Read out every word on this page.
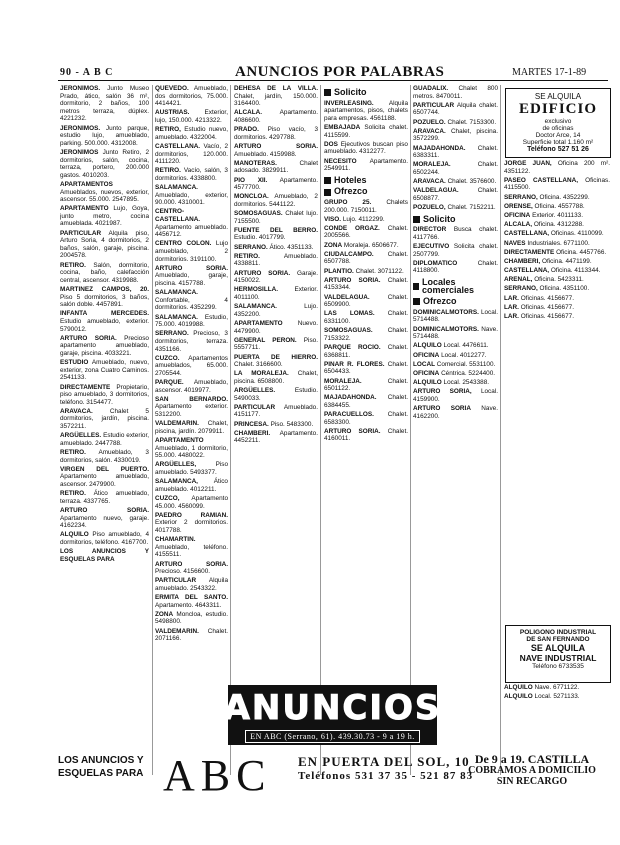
90 - A B C	ANUNCIOS POR PALABRAS	MARTES 17-1-89

JERONIMOS. Junto Museo Prado, ático, salón 36 m², dormitorio, 2 baños, 100 metros terraza, dúplex. 4221232.

JERONIMOS. Junto parque, estudio lujo, amueblado, parking. 500.000. 4312008.

JERONIMOS Junto Retiro, 2 dormitorios, salón, cocina, terraza, portero, 200.000 gastos. 4010203.

APARTAMENTOS Amueblados, nuevos, exterior, ascensor. 55.000. 2547895.

APARTAMENTO Lujo, Goya, junto metro, cocina amueblada. 4021987.

PARTICULAR Alquila piso, Arturo Soria, 4 dormitorios, 2 baños, salón, garaje, piscina. 2004578.

RETIRO. Salón, dormitorio, cocina, baño, calefacción central, ascensor. 4319988.

MARTINEZ CAMPOS, 20. Piso 5 dormitorios, 3 baños, salón doble. 4457891.

INFANTA MERCEDES. Estudio amueblado, exterior. 5790012.

ARTURO SORIA. Precioso apartamento amueblado, garaje, piscina. 4033221.

ESTUDIO Amueblado, nuevo, exterior, zona Cuatro Caminos. 2541133.

DIRECTAMENTE Propietario, piso amueblado, 3 dormitorios, teléfono. 3154477.

ARAVACA.	Chalet 5 dormitorios, jardín, piscina. 3572211.

ARGÜELLES. Estudio exterior, amueblado. 2447788.

RETIRO. Amueblado, 3 dormitorios, salón. 4330019.

VIRGEN DEL PUERTO. Apartamento amueblado, ascensor. 2479900.

RETIRO. Ático amueblado, terraza. 4337765.

ARTURO SORIA. Apartamento nuevo, garaje. 4162234.

ALQUILO Piso amueblado, 4 dormitorios, teléfono. 4167700.

LOS ANUNCIOS Y ESQUELAS PARA

QUEVEDO. Amueblado, dos dormitorios, 75.000. 4414421.

AUSTRIAS. Exterior, lujo, 150.000. 4213322.

RETIRO, Estudio nuevo, amueblado. 4322004.

CASTELLANA. Vacío, 2 dormitorios, 120.000. 4111220.

RETIRO. Vacío, salón, 3 dormitorios. 4338800.

SALAMANCA. Amueblado, exterior, 90.000. 4310001.

CENTRO-CASTELLANA. Apartamento amueblado. 4456712.

CENTRO COLON. Lujo amueblado, 2 dormitorios. 3191100.

ARTURO SORIA. Amueblado, garaje, piscina. 4157788.

SALAMANCA. Confortable, 4 dormitorios. 4352299.

SALAMANCA. Estudio, 75.000. 4019988.

SERRANO. Precioso, 3 dormitorios, terraza. 4351166.

CUZCO. Apartamentos amueblados, 65.000. 2705544.

PARQUE. Amueblado, ascensor. 4019977.

SAN BERNARDO. Apartamento exterior. 5312200.

VALDEMARIN. Chalet, piscina, jardín. 2079911.

APARTAMENTO Amueblado, 1 dormitorio, 55.000. 4480022.

ARGÜELLES,	Piso amueblado. 5493377.

SALAMANCA, Ático amueblado. 4012211.

CUZCO, Apartamento 45.000. 4560099.

PAEDRO RAMIAN. Exterior 2 dormitorios. 4017788.

CHAMARTIN. Amueblado, teléfono. 4155511.

ARTURO SORIA. Precioso. 4156600.

PARTICULAR Alquila amueblado. 2543322.

ERMITA DEL SANTO. Apartamento. 4643311.

ZONA Moncloa, estudio. 5498800.

VALDEMARIN. Chalet. 2071166.

DEHESA DE LA VILLA. Chalet, jardín, 150.000. 3164400.

ALCALA.	Apartamento. 4086600.

PRADO. Piso vacío, 3 dormitorios. 4297788.

ARTURO SORIA. Amueblado. 4159988.

MANOTERAS.	Chalet adosado. 3829911.

PIO XII. Apartamento. 4577700.

MONCLOA. Amueblado, 2 dormitorios. 5441122.

SOMOSAGUAS. Chalet lujo. 7155500.

FUENTE DEL BERRO. Estudio. 4017799.

SERRANO. Ático. 4351133.

RETIRO.	Amueblado. 4338811.

ARTURO SORIA. Garaje. 4150022.

HERMOSILLA.	Exterior. 4011100.

SALAMANCA.	Lujo. 4352200.

APARTAMENTO Nuevo. 4479900.

GENERAL PERON. Piso. 5557711.

PUERTA DE HIERRO. Chalet. 3166600.

LA MORALEJA. Chalet, piscina. 6508800.

ARGÜELLES.	Estudio. 5490033.

PARTICULAR Amueblado. 4151177.

PRINCESA. Piso. 5483300.

CHAMBERI. Apartamento. 4452211.

Solicito

INVERLEASING. Alquila apartamentos, pisos, chalets para empresas. 4561188.

EMBAJADA Solicita chalet. 4115599.

DOS Ejecutivos buscan piso amueblado. 4312277.

NECESITO Apartamento. 2549911.

Hoteles
Ofrezco

GRUPO 25. Chalets 200.000. 7150011.

VISO. Lujo. 4112299.

CONDE ORGAZ. Chalet. 2005566.

ZONA Moraleja. 6506677.

CIUDALCAMPO. Chalet. 6507788.

PLANTIO. Chalet. 3071122.

ARTURO SORIA. Chalet. 4153344.

VALDELAGUA.	Chalet. 6509900.

LAS LOMAS. Chalet. 6331100.

SOMOSAGUAS. Chalet. 7153322.

PARQUE ROCIO. Chalet. 6368811.

PINAR R. FLORES. Chalet. 6504433.

MORALEJA.	Chalet. 6501122.

MAJADAHONDA. Chalet. 6384455.

PARACUELLOS. Chalet. 6583300.

ARTURO SORIA. Chalet. 4160011.

GUADALIX. Chalet 800 metros. 8470011.

PARTICULAR Alquila chalet. 6507744.

POZUELO. Chalet. 7153300.

ARAVACA. Chalet, piscina. 3572299.

MAJADAHONDA. Chalet. 6383311.

MORALEJA.	Chalet. 6502244.

ARAVACA. Chalet. 3576600.

VALDELAGUA.	Chalet. 6508877.

POZUELO, Chalet. 7152211.

Solicito

DIRECTOR Busca chalet. 4117766.

EJECUTIVO Solicita chalet. 2507799.

DIPLOMATICO	Chalet. 4118800.

Locales comerciales
Ofrezco

DOMINICALMOTORS. Local. 5714488.

DOMINICALMOTORS. Nave. 5714488.

ALQUILO Local. 4476611.

OFICINA Local. 4012277.

LOCAL Comercial. 5531100.

OFICINA Céntrica. 5224400.

ALQUILO Local. 2543388.

ARTURO SORIA, Local. 4159900.

ARTURO SORIA Nave. 4162200.

SE ALQUILA
EDIFICIO
exclusivo
de oficinas
Doctor Arce, 14
Superficie total 1.160 m²
Teléfono 527 51 26

JORGE JUAN, Oficina 200 m². 4351122.

PASEO CASTELLANA, Oficinas. 4115500.

SERRANO, Oficina. 4352299.

ORENSE, Oficina. 4557788.

OFICINA Exterior. 4011133.

ALCALA, Oficina. 4312288.

CASTELLANA, Oficinas. 4110099.

NAVES Industriales. 6771100.

DIRECTAMENTE Oficina. 4457766.

CHAMBERI, Oficina. 4471199.

CASTELLANA, Oficina. 4113344.

ARENAL, Oficina. 5423311.

SERRANO, Oficina. 4351100.

LAR. Oficinas. 4156677.

LAR. Oficinas. 4156677.

LAR. Oficinas. 4156677.

POLIGONO INDUSTRIAL
DE SAN FERNANDO
SE ALQUILA
NAVE INDUSTRIAL
Teléfono 6733535

ALQUILO Nave. 6771122.

ALQUILO Local. 5271133.

ANUNCIOS
EN ABC (Serrano, 61). 439.30.73 - 9 a 19 h.
LOS ANUNCIOS Y ESQUELAS PARA ABC EN PUERTA DEL SOL, 10
Teléfonos 531 37 35 - 521 87 83
De 9 a 19. CASTILLA
COBRAMOS A DOMICILIO
SIN RECARGO
